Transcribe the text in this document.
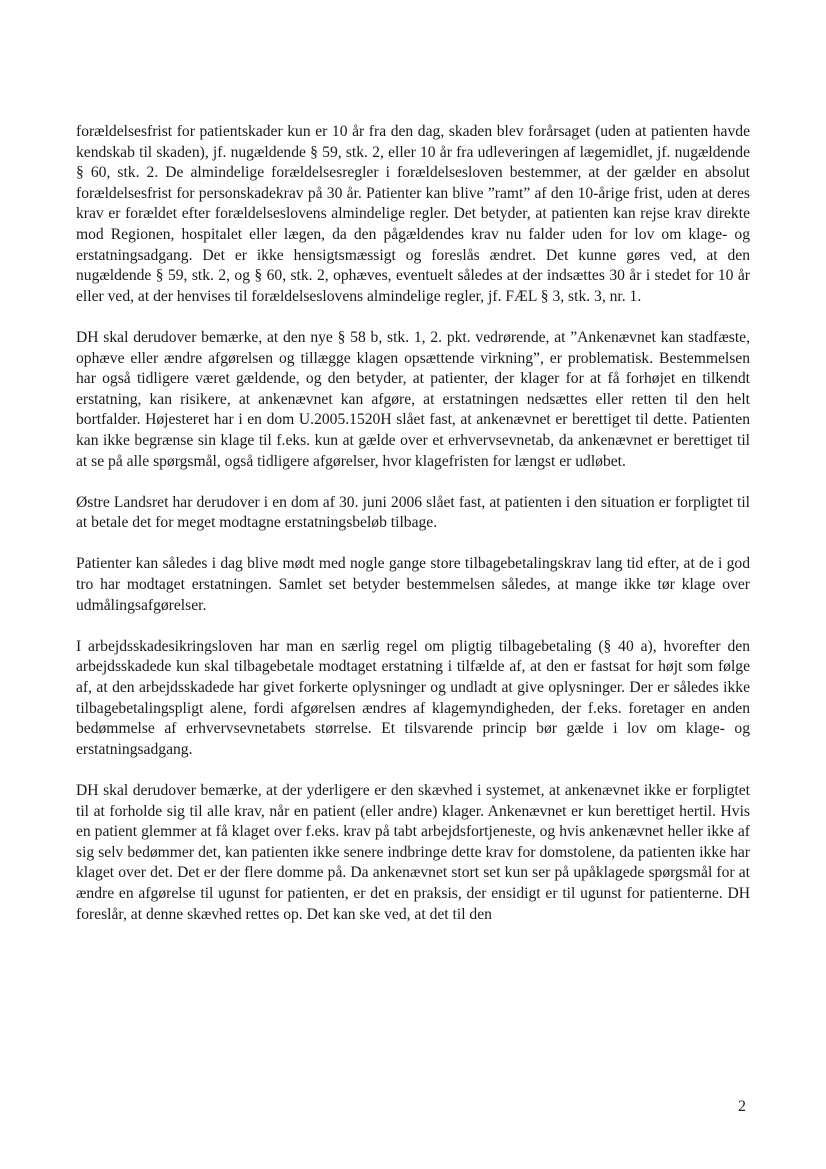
forældelsesfrist for patientskader kun er 10 år fra den dag, skaden blev forårsaget (uden at patienten havde kendskab til skaden), jf. nugældende § 59, stk. 2, eller 10 år fra udleveringen af lægemidlet, jf. nugældende § 60, stk. 2. De almindelige forældelsesregler i forældelsesloven bestemmer, at der gælder en absolut forældelsesfrist for personskadekrav på 30 år. Patienter kan blive ”ramt” af den 10-årige frist, uden at deres krav er forældet efter forældelseslovens almindelige regler. Det betyder, at patienten kan rejse krav direkte mod Regionen, hospitalet eller lægen, da den pågældendes krav nu falder uden for lov om klage- og erstatningsadgang. Det er ikke hensigtsmæssigt og foreslås ændret. Det kunne gøres ved, at den nugældende § 59, stk. 2, og § 60, stk. 2, ophæves, eventuelt således at der indsættes 30 år i stedet for 10 år eller ved, at der henvises til forældelseslovens almindelige regler, jf. FÆL § 3, stk. 3, nr. 1.

DH skal derudover bemærke, at den nye § 58 b, stk. 1, 2. pkt. vedrørende, at ”Ankenævnet kan stadfæste, ophæve eller ændre afgørelsen og tillægge klagen opsættende virkning”, er problematisk. Bestemmelsen har også tidligere været gældende, og den betyder, at patienter, der klager for at få forhøjet en tilkendt erstatning, kan risikere, at ankenævnet kan afgøre, at erstatningen nedsættes eller retten til den helt bortfalder. Højesteret har i en dom U.2005.1520H slået fast, at ankenævnet er berettiget til dette. Patienten kan ikke begrænse sin klage til f.eks. kun at gælde over et erhvervsevnetab, da ankenævnet er berettiget til at se på alle spørgsmål, også tidligere afgørelser, hvor klagefristen for længst er udløbet.

Østre Landsret har derudover i en dom af 30. juni 2006 slået fast, at patienten i den situation er forpligtet til at betale det for meget modtagne erstatningsbeløb tilbage.

Patienter kan således i dag blive mødt med nogle gange store tilbagebetalingskrav lang tid efter, at de i god tro har modtaget erstatningen. Samlet set betyder bestemmelsen således, at mange ikke tør klage over udmålingsafgørelser.

I arbejdsskadesikringsloven har man en særlig regel om pligtig tilbagebetaling (§ 40 a), hvorefter den arbejdsskadede kun skal tilbagebetale modtaget erstatning i tilfælde af, at den er fastsat for højt som følge af, at den arbejdsskadede har givet forkerte oplysninger og undladt at give oplysninger. Der er således ikke tilbagebetalingspligt alene, fordi afgørelsen ændres af klagemyndigheden, der f.eks. foretager en anden bedømmelse af erhvervsevnetabets størrelse. Et tilsvarende princip bør gælde i lov om klage- og erstatningsadgang.

DH skal derudover bemærke, at der yderligere er den skævhed i systemet, at ankenævnet ikke er forpligtet til at forholde sig til alle krav, når en patient (eller andre) klager. Ankenævnet er kun berettiget hertil. Hvis en patient glemmer at få klaget over f.eks. krav på tabt arbejdsfortjeneste, og hvis ankenævnet heller ikke af sig selv bedømmer det, kan patienten ikke senere indbringe dette krav for domstolene, da patienten ikke har klaget over det. Det er der flere domme på. Da ankenævnet stort set kun ser på upåklagede spørgsmål for at ændre en afgørelse til ugunst for patienten, er det en praksis, der ensidigt er til ugunst for patienterne. DH foreslår, at denne skævhed rettes op. Det kan ske ved, at det til den

2
